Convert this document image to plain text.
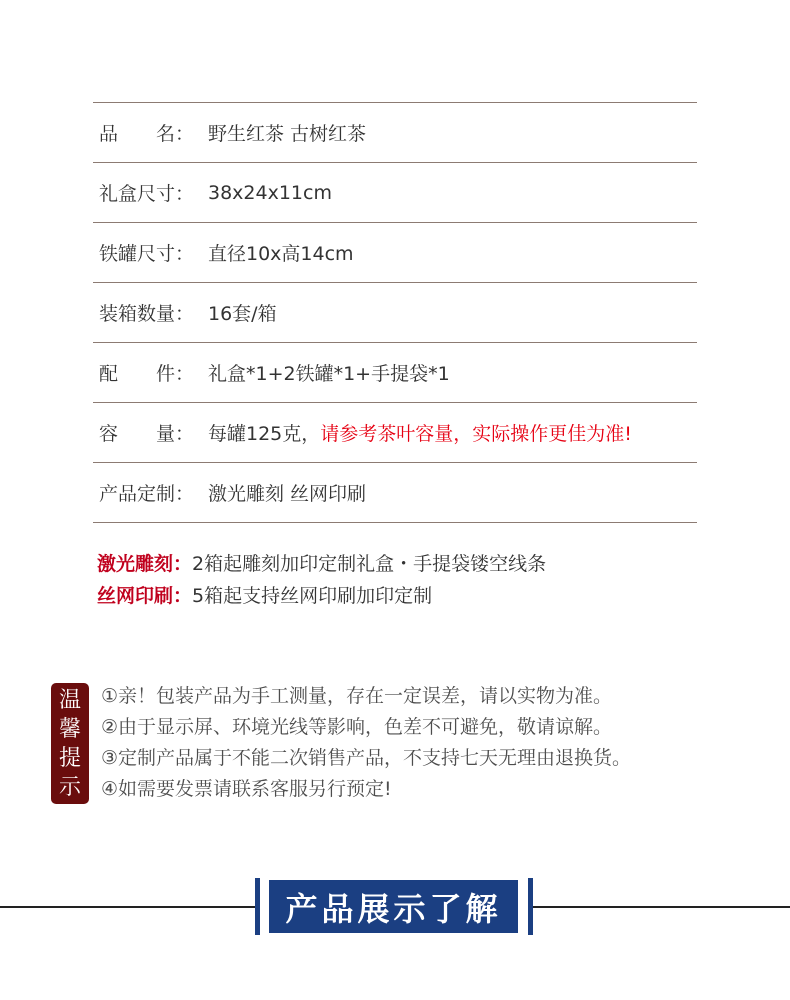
品　　名： 野生红茶 古树红茶
礼盒尺寸： 38x24x11cm
铁罐尺寸： 直径10x高14cm
装箱数量： 16套/箱
配　　件： 礼盒*1+2铁罐*1+手提袋*1
容　　量： 每罐125克， 请参考茶叶容量，实际操作更佳为准!
产品定制： 激光雕刻 丝网印刷
激光雕刻：2箱起雕刻加印定制礼盒・手提袋镂空线条
丝网印刷：5箱起支持丝网印刷加印定制
温
馨
提
示
①亲！包装产品为手工测量，存在一定误差，请以实物为准。
②由于显示屏、环境光线等影响，色差不可避免，敬请谅解。
③定制产品属于不能二次销售产品，不支持七天无理由退换货。
④如需要发票请联系客服另行预定!
产品展示了解
